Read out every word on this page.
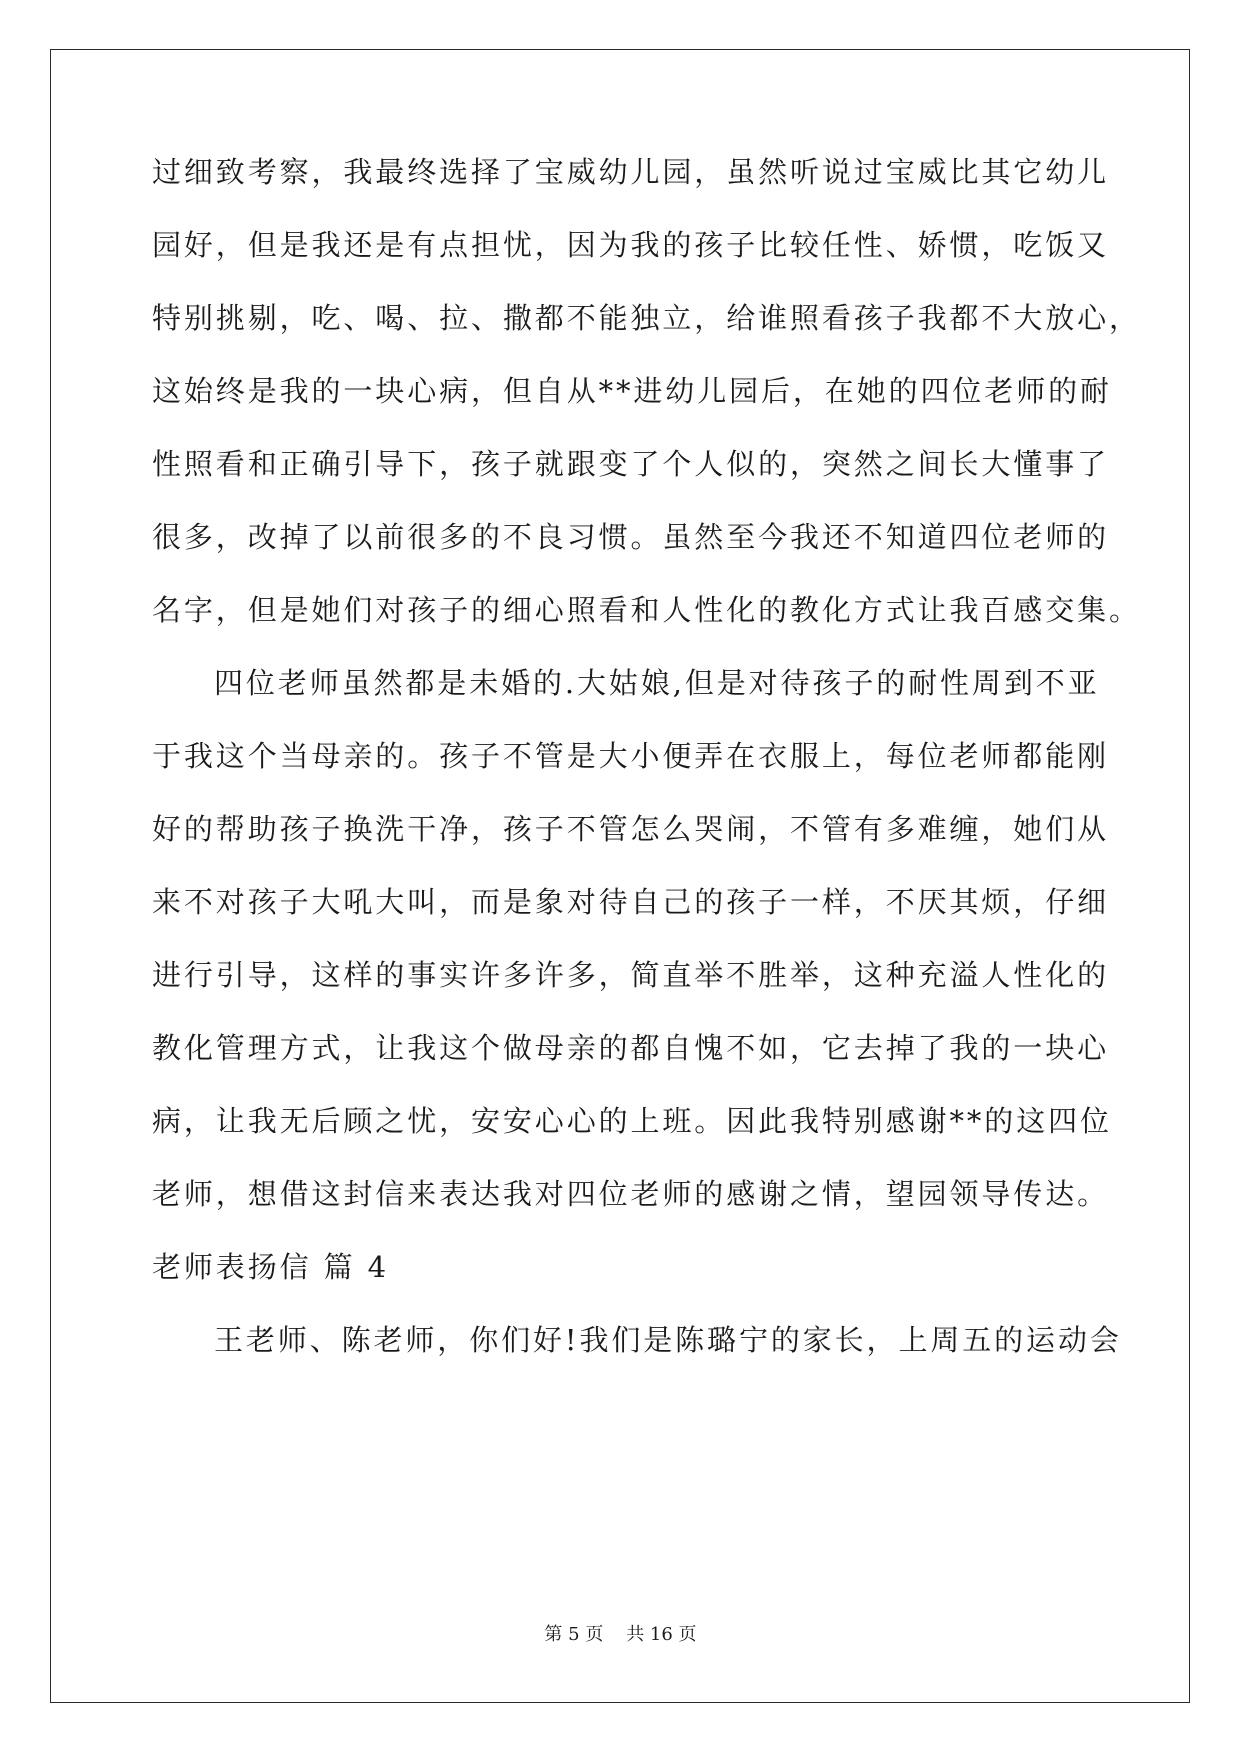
过细致考察，我最终选择了宝威幼儿园，虽然听说过宝威比其它幼儿
园好，但是我还是有点担忧，因为我的孩子比较任性、娇惯，吃饭又
特别挑剔，吃、喝、拉、撒都不能独立，给谁照看孩子我都不大放心，
这始终是我的一块心病，但自从**进幼儿园后，在她的四位老师的耐
性照看和正确引导下，孩子就跟变了个人似的，突然之间长大懂事了
很多，改掉了以前很多的不良习惯。虽然至今我还不知道四位老师的
名字，但是她们对孩子的细心照看和人性化的教化方式让我百感交集。
四位老师虽然都是未婚的.大姑娘,但是对待孩子的耐性周到不亚
于我这个当母亲的。孩子不管是大小便弄在衣服上，每位老师都能刚
好的帮助孩子换洗干净，孩子不管怎么哭闹，不管有多难缠，她们从
来不对孩子大吼大叫，而是象对待自己的孩子一样，不厌其烦，仔细
进行引导，这样的事实许多许多，简直举不胜举，这种充溢人性化的
教化管理方式，让我这个做母亲的都自愧不如，它去掉了我的一块心
病，让我无后顾之忧，安安心心的上班。因此我特别感谢**的这四位
老师，想借这封信来表达我对四位老师的感谢之情，望园领导传达。
老师表扬信 篇 4
王老师、陈老师，你们好!我们是陈璐宁的家长，上周五的运动会
第 5 页    共 16 页
